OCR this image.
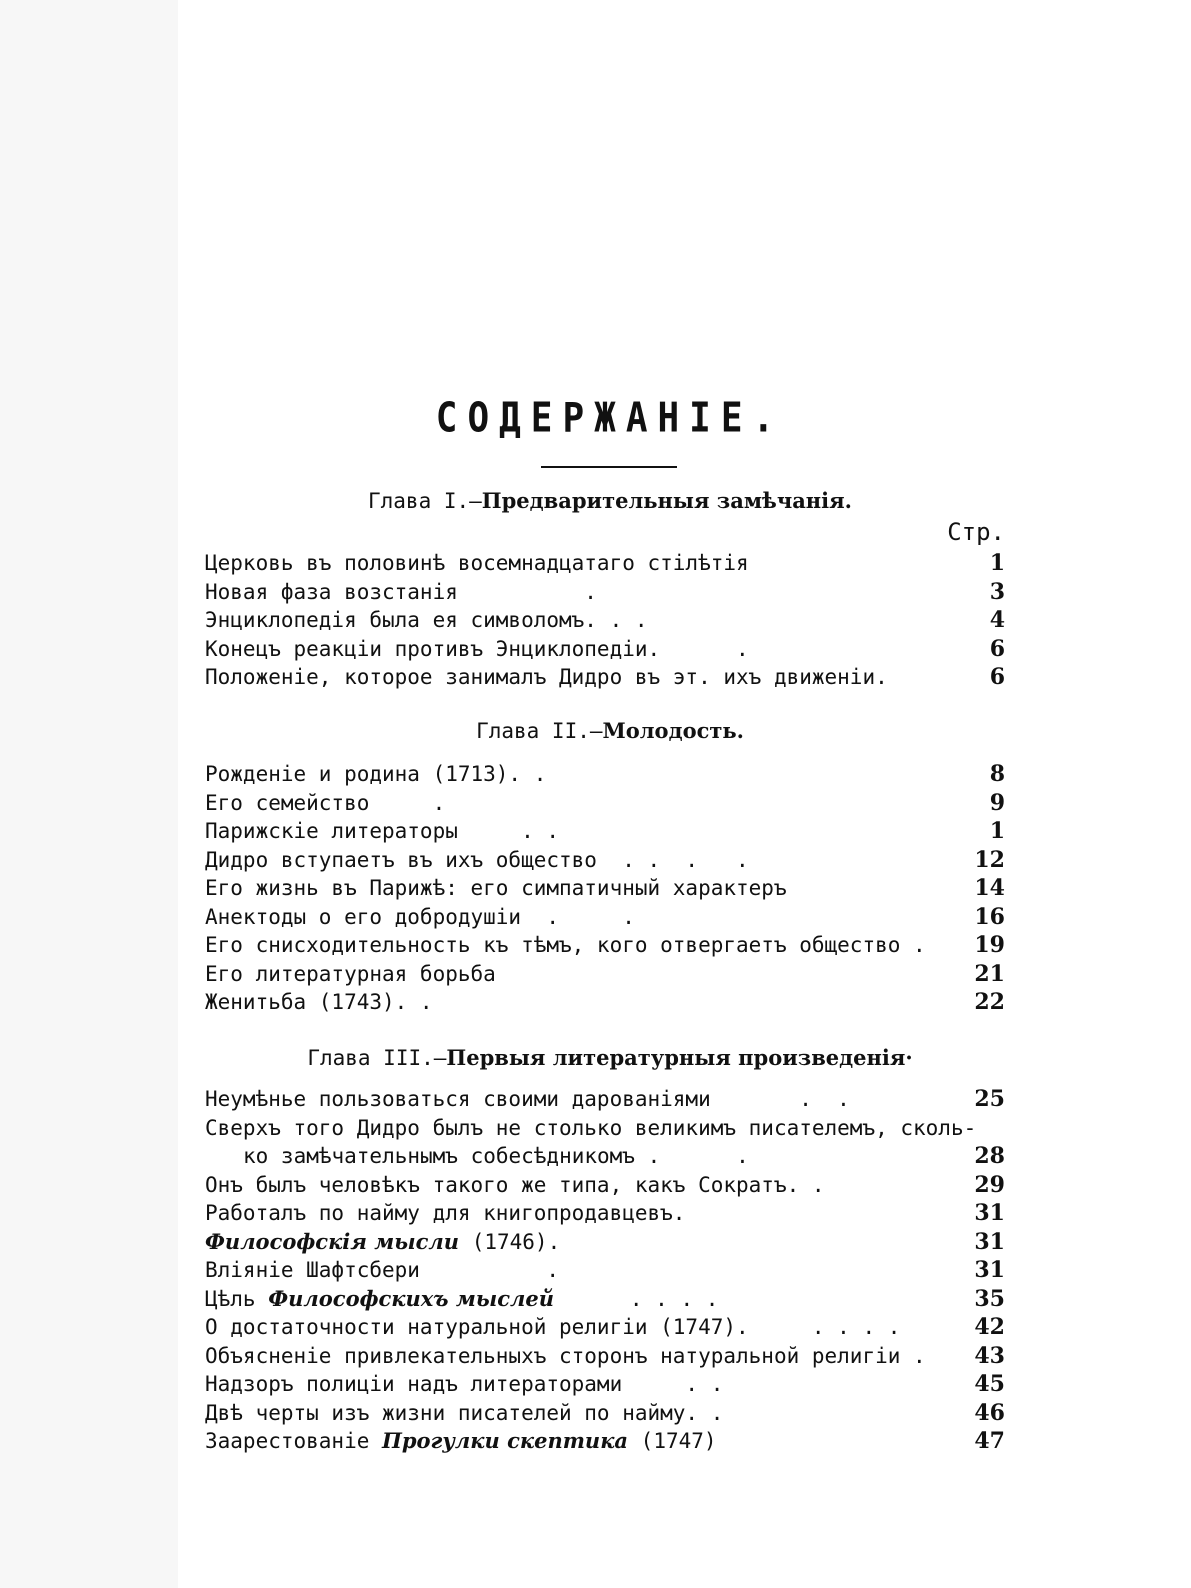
СОДЕРЖАНІЕ.
Глава I.—Предварительныя замѣчанія.
Стр.
Церковь въ половинѣ восемнадцатаго стілѣтія	1
Новая фаза возстанія          .	3
Энциклопедія была ея символомъ. . .	4
Конецъ реакціи противъ Энциклопедіи.      .	6
Положеніе, которое занималъ Дидро въ эт. ихъ движеніи.	6
Глава II.—Молодость.
Рожденіе и родина (1713). .	8
Его семейство     .	9
Парижскіе литераторы     . .	1
Дидро вступаетъ въ ихъ общество  . .  .   .	12
Его жизнь въ Парижѣ: его симпатичный характеръ	14
Анектоды о его добродушіи  .     .	16
Его снисходительность къ тѣмъ, кого отвергаетъ общество . 19
Его литературная борьба	21
Женитьба (1743). .	22
Глава III.—Первыя литературныя произведенія·
Неумѣнье пользоваться своими дарованіями       .  .	25
Сверхъ того Дидро былъ не столько великимъ писателемъ, сколь-
ко замѣчательнымъ собесѣдникомъ .      .	28
Онъ былъ человѣкъ такого же типа, какъ Сократъ. .	29
Работалъ по найму для книгопродавцевъ.	31
Философскія мысли (1746).	31
Вліяніе Шафтсбери          .	31
Цѣль Философскихъ мыслей      . . . .	35
О достаточности натуральной религіи (1747).     . . . .	42
Объясненіе привлекательныхъ сторонъ натуральной религіи . 43
Надзоръ полиціи надъ литераторами     . .	45
Двѣ черты изъ жизни писателей по найму. .	46
Заарестованіе Прогулки скептика (1747)	47
